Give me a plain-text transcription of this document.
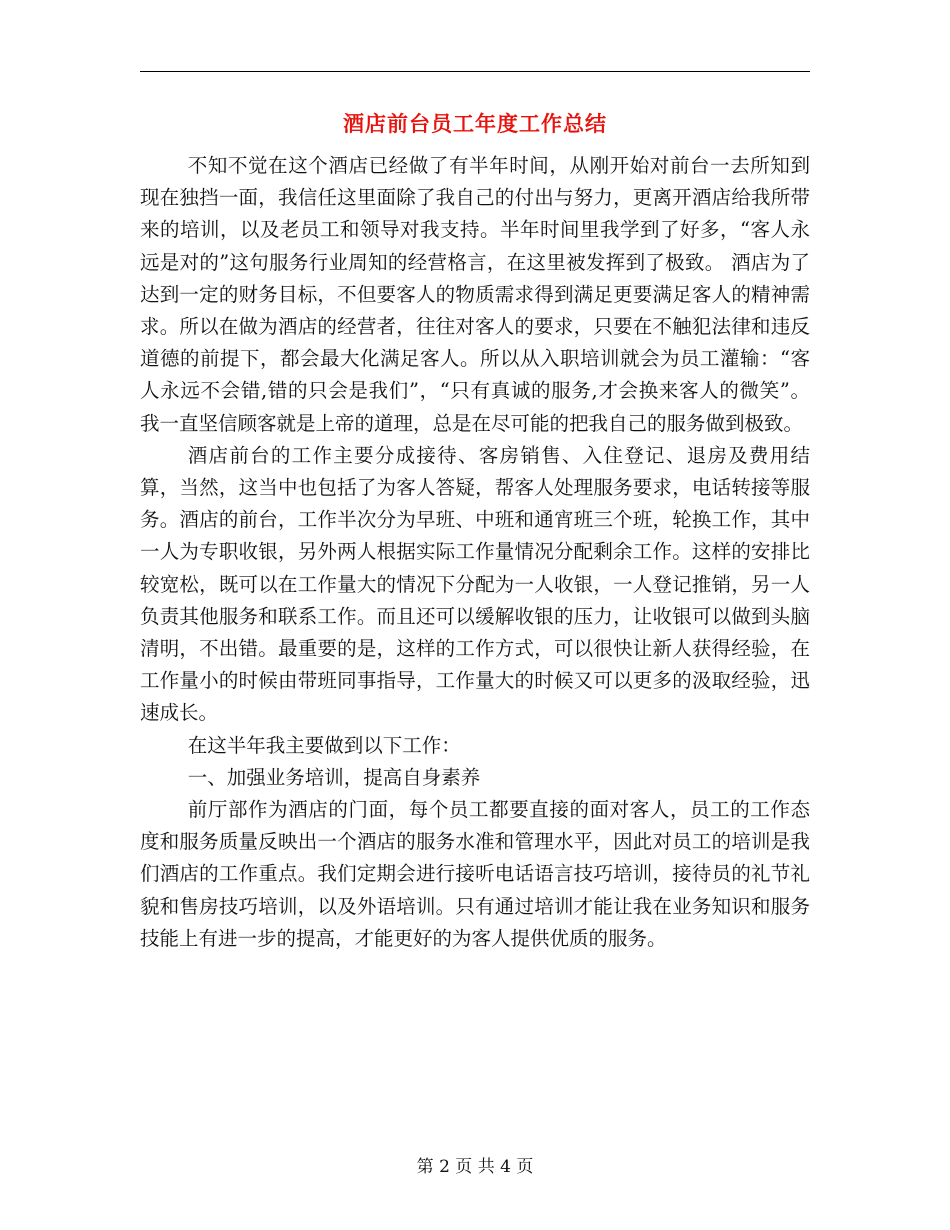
酒店前台员工年度工作总结

不知不觉在这个酒店已经做了有半年时间，从刚开始对前台一去所知到现在独挡一面，我信任这里面除了我自己的付出与努力，更离开酒店给我所带来的培训，以及老员工和领导对我支持。半年时间里我学到了好多，“客人永远是对的”这句服务行业周知的经营格言，在这里被发挥到了极致。 酒店为了达到一定的财务目标，不但要客人的物质需求得到满足更要满足客人的精神需求。所以在做为酒店的经营者，往往对客人的要求，只要在不触犯法律和违反道德的前提下，都会最大化满足客人。所以从入职培训就会为员工灌输：“客人永远不会错,错的只会是我们”，“只有真诚的服务,才会换来客人的微笑”。 我一直坚信顾客就是上帝的道理，总是在尽可能的把我自己的服务做到极致。

酒店前台的工作主要分成接待、客房销售、入住登记、退房及费用结算，当然，这当中也包括了为客人答疑，帮客人处理服务要求，电话转接等服务。酒店的前台，工作半次分为早班、中班和通宵班三个班，轮换工作，其中一人为专职收银，另外两人根据实际工作量情况分配剩余工作。这样的安排比较宽松，既可以在工作量大的情况下分配为一人收银，一人登记推销，另一人负责其他服务和联系工作。而且还可以缓解收银的压力，让收银可以做到头脑清明，不出错。最重要的是，这样的工作方式，可以很快让新人获得经验，在工作量小的时候由带班同事指导，工作量大的时候又可以更多的汲取经验，迅速成长。

在这半年我主要做到以下工作：

一、加强业务培训，提高自身素养

前厅部作为酒店的门面，每个员工都要直接的面对客人，员工的工作态度和服务质量反映出一个酒店的服务水准和管理水平，因此对员工的培训是我们酒店的工作重点。我们定期会进行接听电话语言技巧培训，接待员的礼节礼貌和售房技巧培训，以及外语培训。只有通过培训才能让我在业务知识和服务技能上有进一步的提高，才能更好的为客人提供优质的服务。

第 2 页 共 4 页
